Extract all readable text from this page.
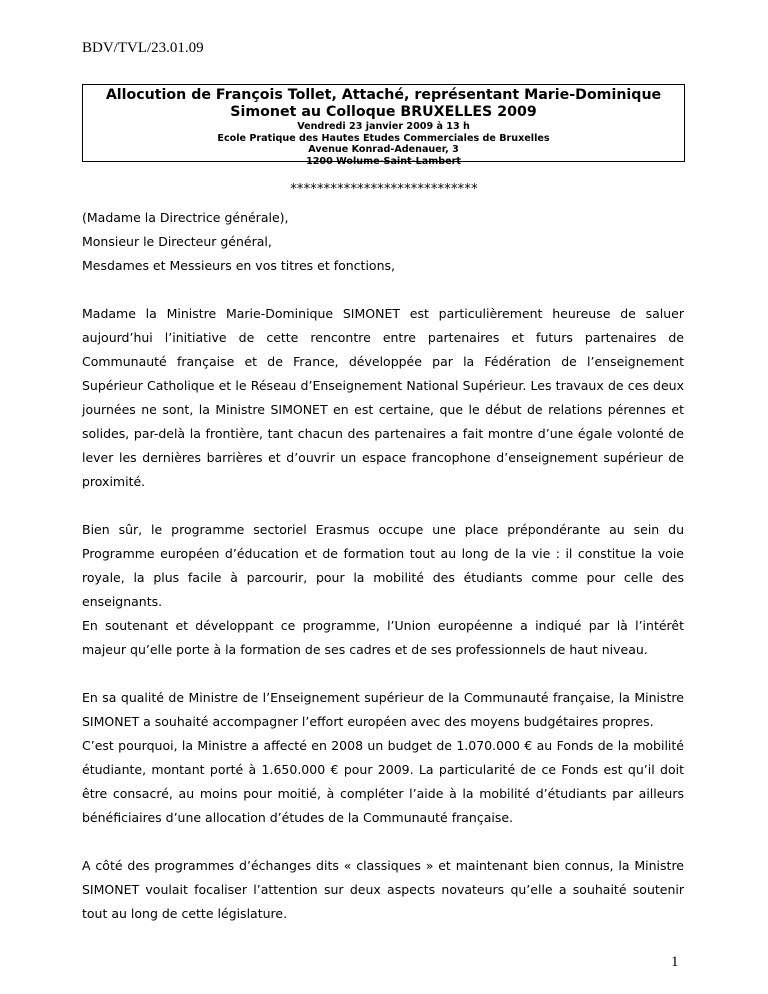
BDV/TVL/23.01.09
Allocution de François Tollet, Attaché, représentant Marie-Dominique Simonet au Colloque BRUXELLES 2009
Vendredi 23 janvier 2009 à 13 h
Ecole Pratique des Hautes Etudes Commerciales de Bruxelles
Avenue Konrad-Adenauer, 3
1200 Wolume-Saint-Lambert
****************************

(Madame la Directrice générale),

Monsieur le Directeur général,

Mesdames et Messieurs en vos titres et fonctions,

Madame la Ministre Marie-Dominique SIMONET est particulièrement heureuse de saluer aujourd’hui l’initiative de cette rencontre entre partenaires et futurs partenaires de Communauté française et de France, développée par la Fédération de l’enseignement Supérieur Catholique et le Réseau d’Enseignement National Supérieur. Les travaux de ces deux journées ne sont, la Ministre SIMONET en est certaine, que le début de relations pérennes et solides, par-delà la frontière, tant chacun des partenaires a fait montre d’une égale volonté de lever les dernières barrières et d’ouvrir un espace francophone d’enseignement supérieur de proximité.

Bien sûr, le programme sectoriel Erasmus occupe une place prépondérante au sein du Programme européen d’éducation et de formation tout au long de la vie : il constitue la voie royale, la plus facile à parcourir, pour la mobilité des étudiants comme pour celle des enseignants.

En soutenant et développant ce programme, l’Union européenne a indiqué par là l’intérêt majeur qu’elle porte à la formation de ses cadres et de ses professionnels de haut niveau.

En sa qualité de Ministre de l’Enseignement supérieur de la Communauté française, la Ministre SIMONET a souhaité accompagner l’effort européen avec des moyens budgétaires propres.

C’est pourquoi, la Ministre a affecté en 2008 un budget de 1.070.000 € au Fonds de la mobilité étudiante, montant porté à 1.650.000 € pour 2009. La particularité de ce Fonds est qu’il doit être consacré, au moins pour moitié, à compléter l’aide à la mobilité d’étudiants par ailleurs bénéficiaires d’une allocation d’études de la Communauté française.

A côté des programmes d’échanges dits « classiques » et maintenant bien connus, la Ministre SIMONET voulait focaliser l’attention sur deux aspects novateurs qu’elle a souhaité soutenir tout au long de cette législature.

1
